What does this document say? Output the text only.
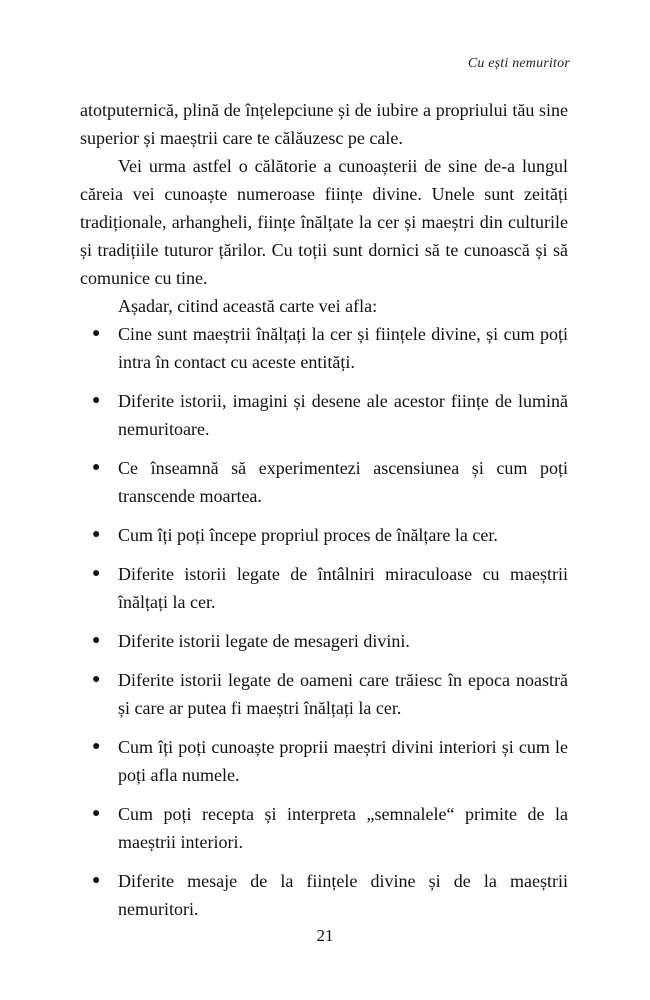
Cu ești nemuritor

atotputernică, plină de înțelepciune și de iubire a propriului tău sine superior și maeștrii care te călăuzesc pe cale.

Vei urma astfel o călătorie a cunoașterii de sine de-a lungul căreia vei cunoaște numeroase ființe divine. Unele sunt zeități tradiționale, arhangheli, ființe înălțate la cer și maeștri din culturile și tradițiile tuturor țărilor. Cu toții sunt dornici să te cunoască și să comunice cu tine.

Așadar, citind această carte vei afla:

● Cine sunt maeștrii înălțați la cer și ființele divine, și cum poți intra în contact cu aceste entități.
● Diferite istorii, imagini și desene ale acestor ființe de lumină nemuritoare.
● Ce înseamnă să experimentezi ascensiunea și cum poți transcende moartea.
● Cum îți poți începe propriul proces de înălțare la cer.
● Diferite istorii legate de întâlniri miraculoase cu maeștrii înălțați la cer.
● Diferite istorii legate de mesageri divini.
● Diferite istorii legate de oameni care trăiesc în epoca noastră și care ar putea fi maeștri înălțați la cer.
● Cum îți poți cunoaște proprii maeștri divini interiori și cum le poți afla numele.
● Cum poți recepta și interpreta „semnalele“ primite de la maeștrii interiori.
● Diferite mesaje de la ființele divine și de la maeștrii nemuritori.
21
